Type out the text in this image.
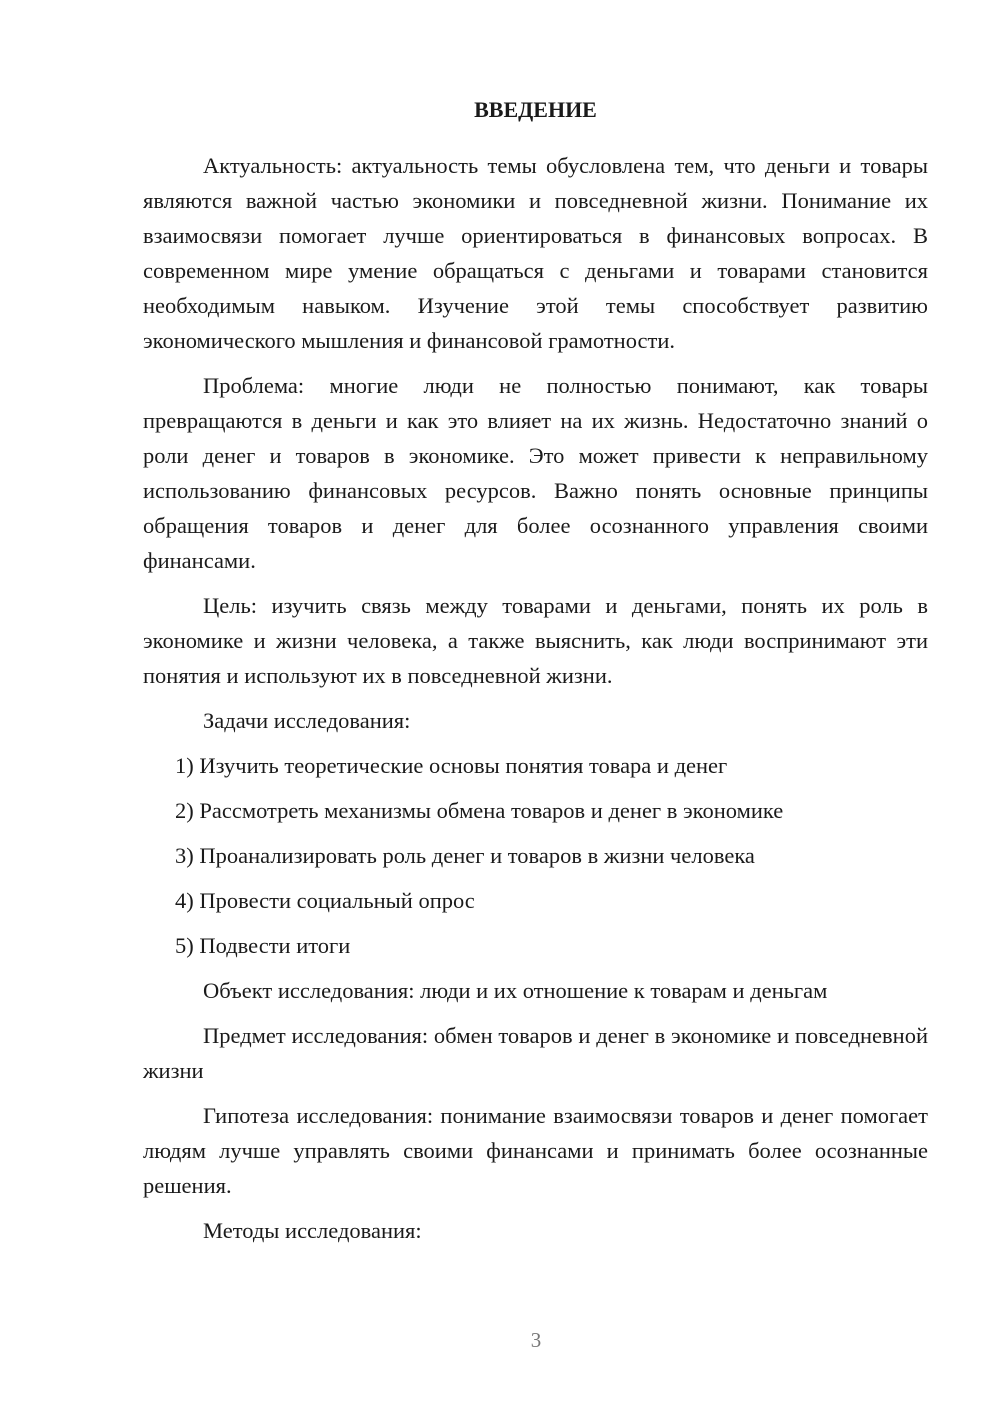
ВВЕДЕНИЕ

Актуальность: актуальность темы обусловлена тем, что деньги и товары являются важной частью экономики и повседневной жизни. Понимание их взаимосвязи помогает лучше ориентироваться в финансовых вопросах. В современном мире умение обращаться с деньгами и товарами становится необходимым навыком. Изучение этой темы способствует развитию экономического мышления и финансовой грамотности.

Проблема: многие люди не полностью понимают, как товары превращаются в деньги и как это влияет на их жизнь. Недостаточно знаний о роли денег и товаров в экономике. Это может привести к неправильному использованию финансовых ресурсов. Важно понять основные принципы обращения товаров и денег для более осознанного управления своими финансами.

Цель: изучить связь между товарами и деньгами, понять их роль в экономике и жизни человека, а также выяснить, как люди воспринимают эти понятия и используют их в повседневной жизни.

Задачи исследования:

1) Изучить теоретические основы понятия товара и денег
2) Рассмотреть механизмы обмена товаров и денег в экономике
3) Проанализировать роль денег и товаров в жизни человека
4) Провести социальный опрос
5) Подвести итоги

Объект исследования: люди и их отношение к товарам и деньгам

Предмет исследования: обмен товаров и денег в экономике и повседневной жизни

Гипотеза исследования: понимание взаимосвязи товаров и денег помогает людям лучше управлять своими финансами и принимать более осознанные решения.

Методы исследования:

3
